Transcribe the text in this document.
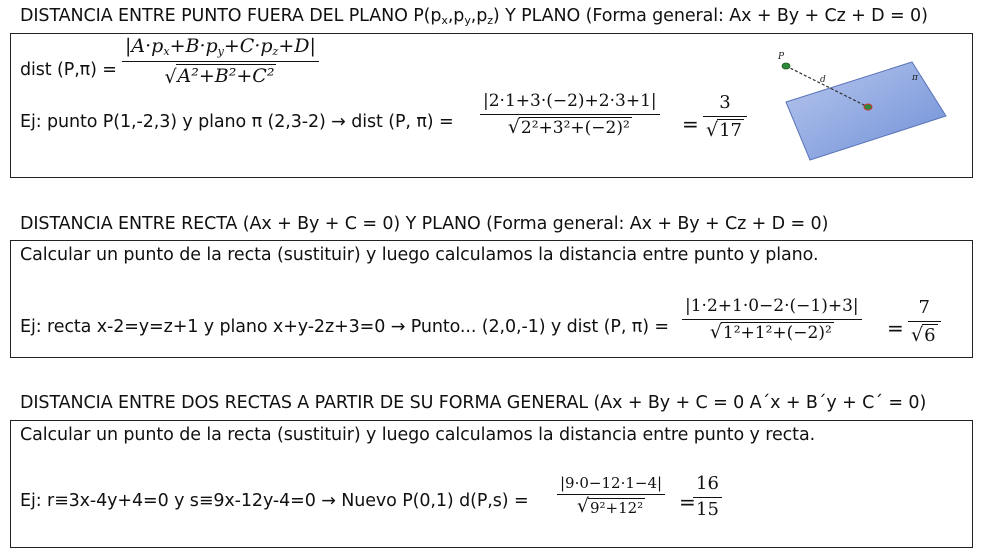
DISTANCIA ENTRE PUNTO FUERA DEL PLANO $P(p_x,p_y,p_z)$ Y PLANO (Forma general: Ax + By + Cz + D = 0)
dist (P,π) =
$|A\cdot p_x+B\cdot p_y+C\cdot p_z+D|$
√ A²+B²+C²
Ej: punto P(1,-2,3) y plano π (2,3-2) → dist (P, π) =
|2·1+3·(−2)+2·3+1|
√ 2²+3²+(−2)²	=
3
√ 17
P
d	π
DISTANCIA ENTRE RECTA (Ax + By + C = 0) Y PLANO (Forma general: Ax + By + Cz + D = 0)
Calcular un punto de la recta (sustituir) y luego calculamos la distancia entre punto y plano.
Ej: recta x-2=y=z+1 y plano x+y-2z+3=0 → Punto... (2,0,-1) y dist (P, π) =
|1·2+1·0−2·(−1)+3|
√ 1²+1²+(−2)²	=
7
√ 6
DISTANCIA ENTRE DOS RECTAS A PARTIR DE SU FORMA GENERAL (Ax + By + C = 0 A´x + B´y + C´ = 0)
Calcular un punto de la recta (sustituir) y luego calculamos la distancia entre punto y recta.
Ej: r≡3x-4y+4=0 y s≡9x-12y-4=0 → Nuevo P(0,1) d(P,s) =
|9·0−12·1−4|
√ 9²+12² =
16
15
